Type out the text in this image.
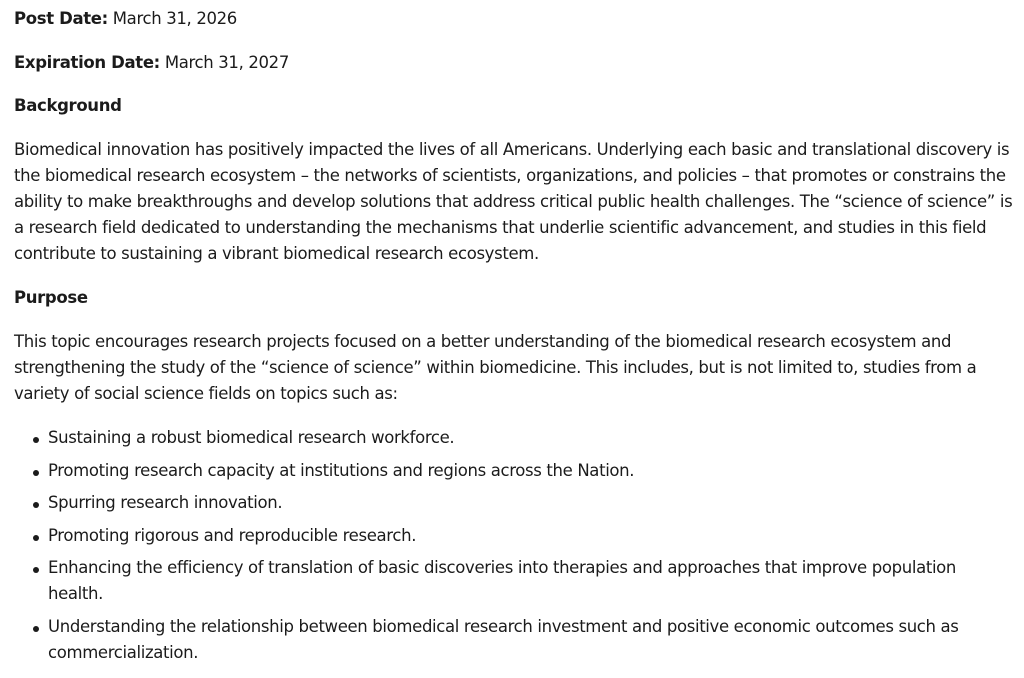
Post Date: March 31, 2026

Expiration Date: March 31, 2027

Background

Biomedical innovation has positively impacted the lives of all Americans. Underlying each basic and translational discovery is the biomedical research ecosystem – the networks of scientists, organizations, and policies – that promotes or constrains the ability to make breakthroughs and develop solutions that address critical public health challenges. The “science of science” is a research field dedicated to understanding the mechanisms that underlie scientific advancement, and studies in this field contribute to sustaining a vibrant biomedical research ecosystem.

Purpose

This topic encourages research projects focused on a better understanding of the biomedical research ecosystem and strengthening the study of the “science of science” within biomedicine. This includes, but is not limited to, studies from a variety of social science fields on topics such as:

Sustaining a robust biomedical research workforce.
Promoting research capacity at institutions and regions across the Nation.
Spurring research innovation.
Promoting rigorous and reproducible research.
Enhancing the efficiency of translation of basic discoveries into therapies and approaches that improve population health.
Understanding the relationship between biomedical research investment and positive economic outcomes such as commercialization.
